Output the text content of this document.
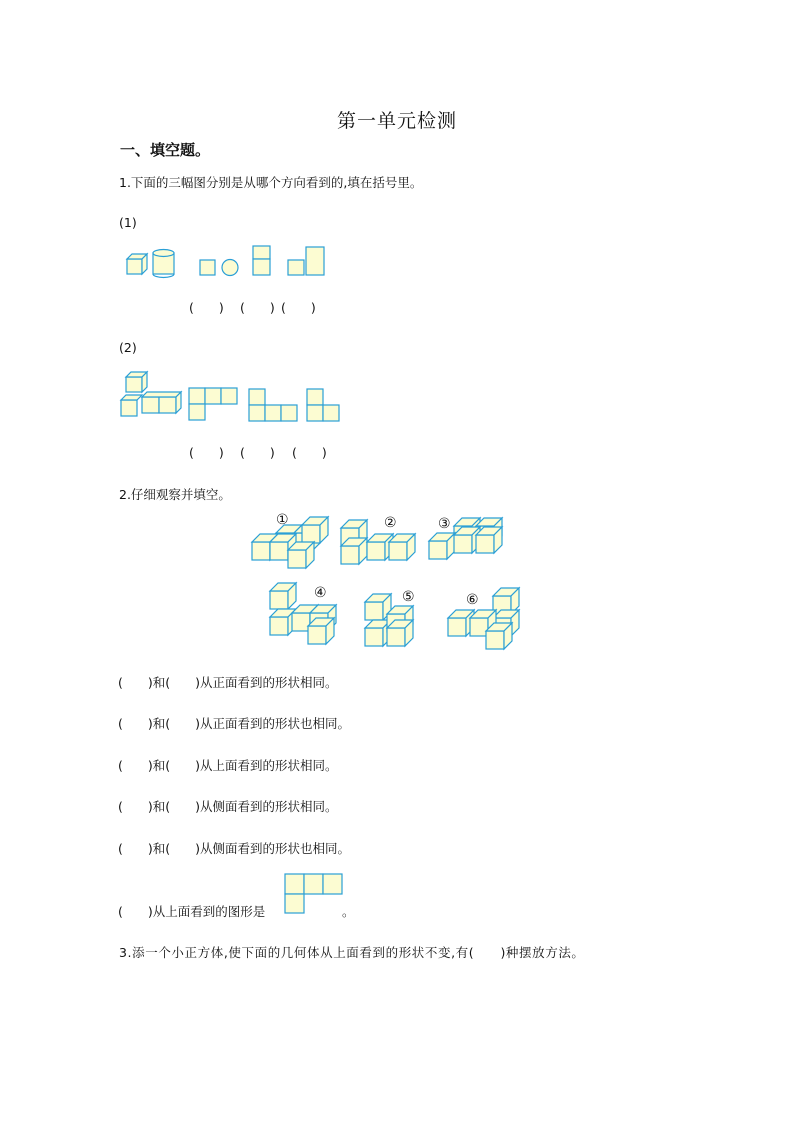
第一单元检测
一、填空题。
1.下面的三幅图分别是从哪个方向看到的,填在括号里。
(1)
(　　) (　　) (　　)
(2)
(　　) (　　) (　　)
2.仔细观察并填空。
①	②	③
④	⑤	⑥
(　　)和(　　)从正面看到的形状相同。
(　　)和(　　)从正面看到的形状也相同。
(　　)和(　　)从上面看到的形状相同。
(　　)和(　　)从侧面看到的形状相同。
(　　)和(　　)从侧面看到的形状也相同。
(　　)从上面看到的图形是	。
3.添一个小正方体,使下面的几何体从上面看到的形状不变,有(　　)种摆放方法。
